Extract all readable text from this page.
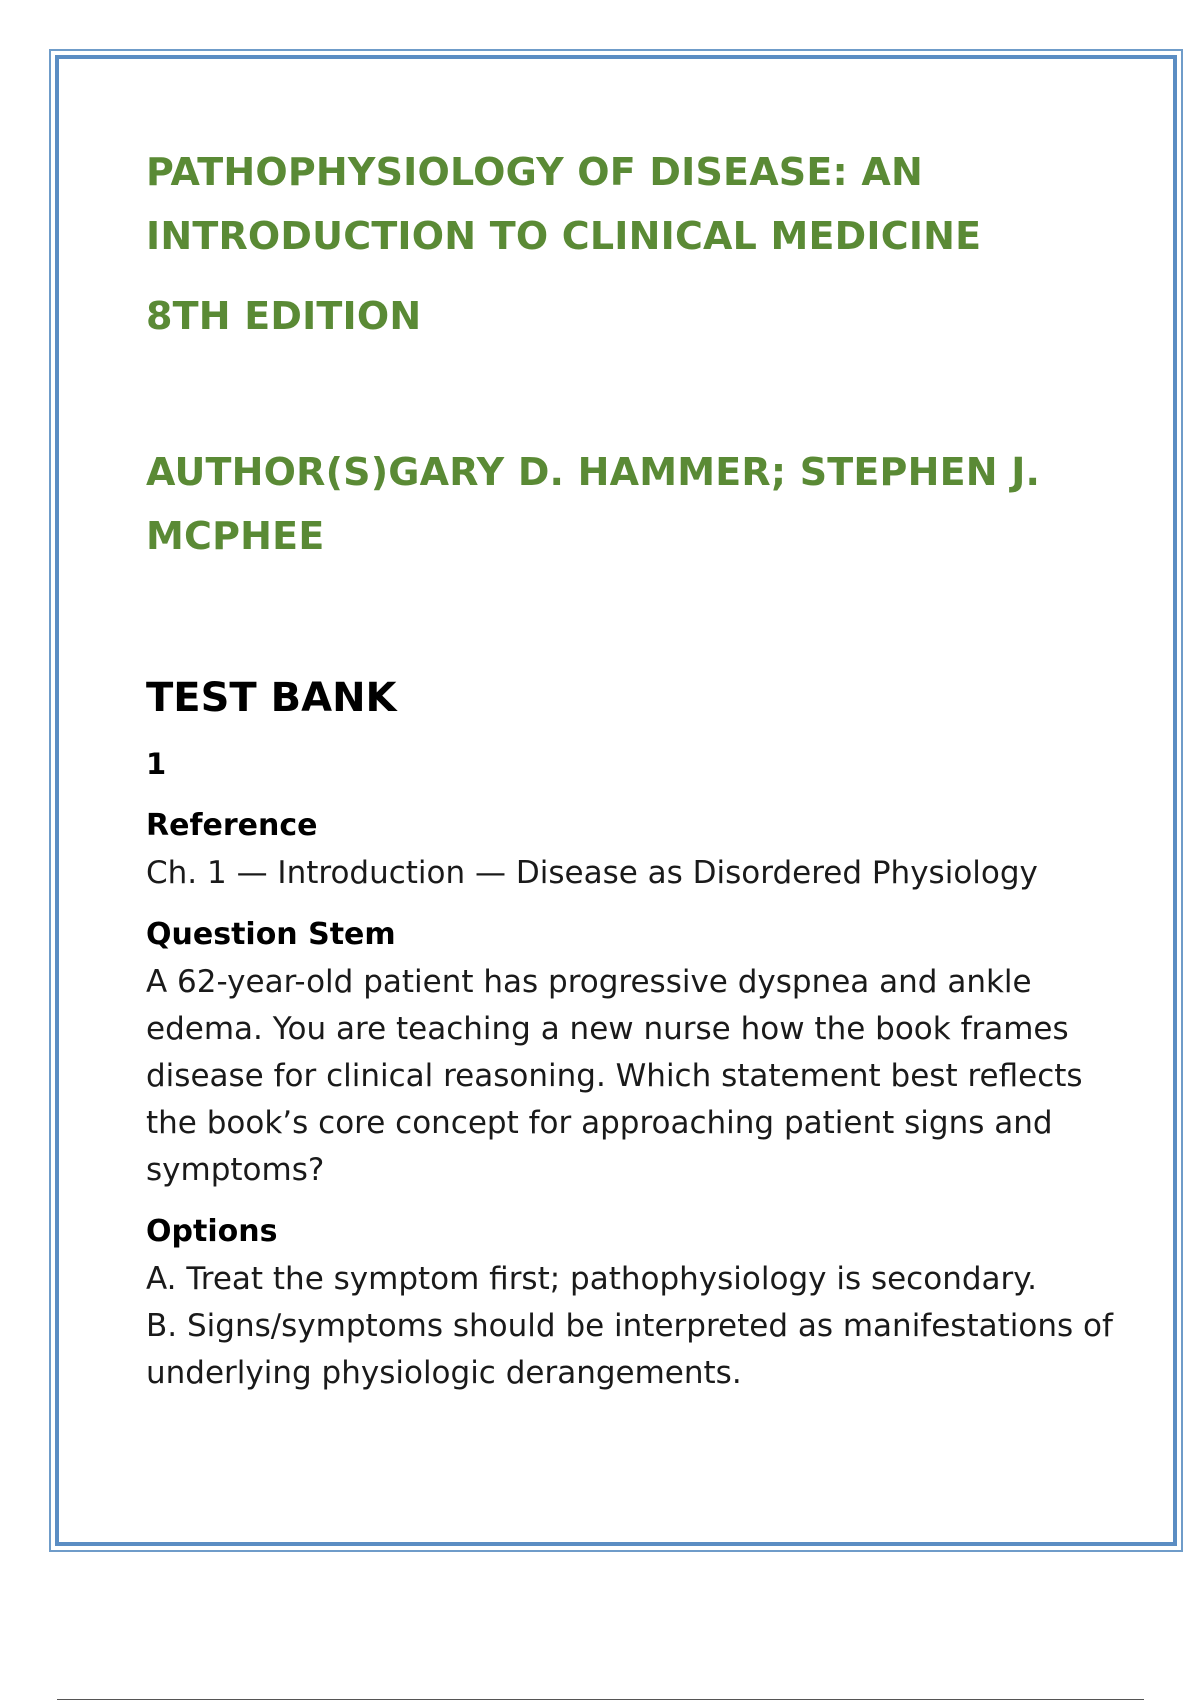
PATHOPHYSIOLOGY OF DISEASE: AN

INTRODUCTION TO CLINICAL MEDICINE

8TH EDITION

AUTHOR(S)GARY D. HAMMER; STEPHEN J.

MCPHEE

TEST BANK
1
Reference
Ch. 1 — Introduction — Disease as Disordered Physiology
Question Stem
A 62-year-old patient has progressive dyspnea and ankle edema. You are teaching a new nurse how the book frames disease for clinical reasoning. Which statement best reflects the book’s core concept for approaching patient signs and symptoms?
Options
A. Treat the symptom first; pathophysiology is secondary.
B. Signs/symptoms should be interpreted as manifestations of underlying physiologic derangements.
